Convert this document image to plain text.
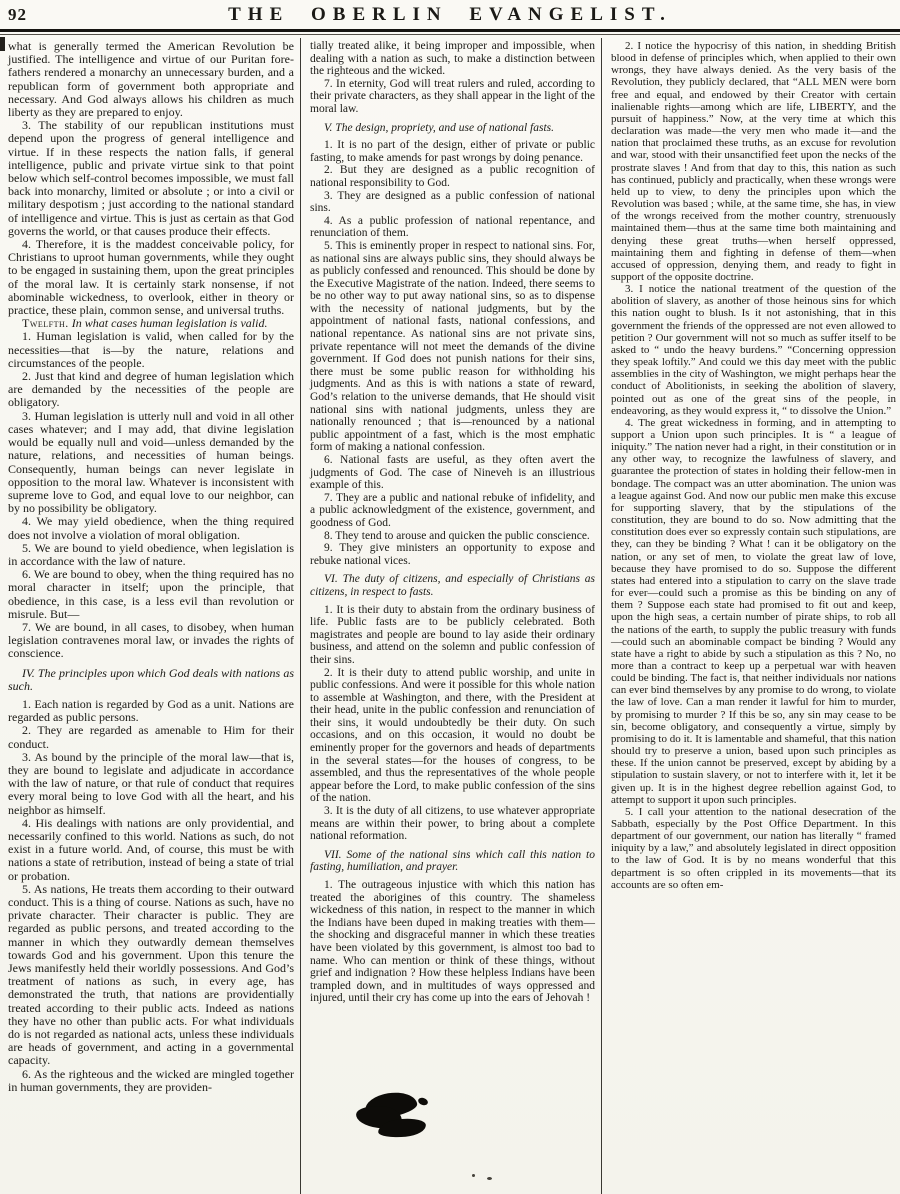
92	THE OBERLIN EVANGELIST.

what is generally termed the American Revolution be justified. The intelligence and virtue of our Puritan fore-fathers rendered a monarchy an unnecessary burden, and a republican form of government both appropriate and necessary. And God always allows his children as much liberty as they are prepared to enjoy.

3. The stability of our republican institutions must depend upon the progress of general intelligence and virtue. If in these respects the nation falls, if general intelligence, public and private virtue sink to that point below which self-control becomes impossible, we must fall back into monarchy, limited or absolute ; or into a civil or military despotism ; just according to the national standard of intelligence and virtue. This is just as certain as that God governs the world, or that causes produce their effects.

4. Therefore, it is the maddest conceivable policy, for Christians to uproot human governments, while they ought to be engaged in sustaining them, upon the great principles of the moral law. It is certainly stark nonsense, if not abominable wickedness, to overlook, either in theory or practice, these plain, common sense, and universal truths.

Twelfth. In what cases human legislation is valid.

1. Human legislation is valid, when called for by the necessities—that is—by the nature, relations and circumstances of the people.

2. Just that kind and degree of human legislation which are demanded by the necessities of the people are obligatory.

3. Human legislation is utterly null and void in all other cases whatever; and I may add, that divine legislation would be equally null and void—unless demanded by the nature, relations, and necessities of human beings. Consequently, human beings can never legislate in opposition to the moral law. Whatever is inconsistent with supreme love to God, and equal love to our neighbor, can by no possibility be obligatory.

4. We may yield obedience, when the thing required does not involve a violation of moral obligation.

5. We are bound to yield obedience, when legislation is in accordance with the law of nature.

6. We are bound to obey, when the thing required has no moral character in itself; upon the principle, that obedience, in this case, is a less evil than revolution or misrule. But—

7. We are bound, in all cases, to disobey, when human legislation contravenes moral law, or invades the rights of conscience.

IV. The principles upon which God deals with nations as such.

1. Each nation is regarded by God as a unit. Nations are regarded as public persons.

2. They are regarded as amenable to Him for their conduct.

3. As bound by the principle of the moral law—that is, they are bound to legislate and adjudicate in accordance with the law of nature, or that rule of conduct that requires every moral being to love God with all the heart, and his neighbor as himself.

4. His dealings with nations are only providential, and necessarily confined to this world. Nations as such, do not exist in a future world. And, of course, this must be with nations a state of retribution, instead of being a state of trial or probation.

5. As nations, He treats them according to their outward conduct. This is a thing of course. Nations as such, have no private character. Their character is public. They are regarded as public persons, and treated according to the manner in which they outwardly demean themselves towards God and his government. Upon this tenure the Jews manifestly held their worldly possessions. And God’s treatment of nations as such, in every age, has demonstrated the truth, that nations are providentially treated according to their public acts. Indeed as nations they have no other than public acts. For what individuals do is not regarded as national acts, unless these individuals are heads of government, and acting in a governmental capacity.

6. As the righteous and the wicked are mingled together in human governments, they are providen-

tially treated alike, it being improper and impossible, when dealing with a nation as such, to make a distinction between the righteous and the wicked.

7. In eternity, God will treat rulers and ruled, according to their private characters, as they shall appear in the light of the moral law.

V. The design, propriety, and use of national fasts.

1. It is no part of the design, either of private or public fasting, to make amends for past wrongs by doing penance.

2. But they are designed as a public recognition of national responsibility to God.

3. They are designed as a public confession of national sins.

4. As a public profession of national repentance, and renunciation of them.

5. This is eminently proper in respect to national sins. For, as national sins are always public sins, they should always be as publicly confessed and renounced. This should be done by the Executive Magistrate of the nation. Indeed, there seems to be no other way to put away national sins, so as to dispense with the necessity of national judgments, but by the appointment of national fasts, national confessions, and national repentance. As national sins are not private sins, private repentance will not meet the demands of the divine government. If God does not punish nations for their sins, there must be some public reason for withholding his judgments. And as this is with nations a state of reward, God’s relation to the universe demands, that He should visit national sins with national judgments, unless they are nationally renounced ; that is—renounced by a national public appointment of a fast, which is the most emphatic form of making a national confession.

6. National fasts are useful, as they often avert the judgments of God. The case of Nineveh is an illustrious example of this.

7. They are a public and national rebuke of infidelity, and a public acknowledgment of the existence, government, and goodness of God.

8. They tend to arouse and quicken the public conscience.

9. They give ministers an opportunity to expose and rebuke national vices.

VI. The duty of citizens, and especially of Christians as citizens, in respect to fasts.

1. It is their duty to abstain from the ordinary business of life. Public fasts are to be publicly celebrated. Both magistrates and people are bound to lay aside their ordinary business, and attend on the solemn and public confession of their sins.

2. It is their duty to attend public worship, and unite in public confessions. And were it possible for this whole nation to assemble at Washington, and there, with the President at their head, unite in the public confession and renunciation of their sins, it would undoubtedly be their duty. On such occasions, and on this occasion, it would no doubt be eminently proper for the governors and heads of departments in the several states—for the houses of congress, to be assembled, and thus the representatives of the whole people appear before the Lord, to make public confession of the sins of the nation.

3. It is the duty of all citizens, to use whatever appropriate means are within their power, to bring about a complete national reformation.

VII. Some of the national sins which call this nation to fasting, humiliation, and prayer.

1. The outrageous injustice with which this nation has treated the aborigines of this country. The shameless wickedness of this nation, in respect to the manner in which the Indians have been duped in making treaties with them—the shocking and disgraceful manner in which these treaties have been violated by this government, is almost too bad to name. Who can mention or think of these things, without grief and indignation ? How these helpless Indians have been trampled down, and in multitudes of ways oppressed and injured, until their cry has come up into the ears of Jehovah !

2. I notice the hypocrisy of this nation, in shedding British blood in defense of principles which, when applied to their own wrongs, they have always denied. As the very basis of the Revolution, they publicly declared, that “ALL MEN were born free and equal, and endowed by their Creator with certain inalienable rights—among which are life, LIBERTY, and the pursuit of happiness.” Now, at the very time at which this declaration was made—the very men who made it—and the nation that proclaimed these truths, as an excuse for revolution and war, stood with their unsanctified feet upon the necks of the prostrate slaves ! And from that day to this, this nation as such has continued, publicly and practically, when these wrongs were held up to view, to deny the principles upon which the Revolution was based ; while, at the same time, she has, in view of the wrongs received from the mother country, strenuously maintained them—thus at the same time both maintaining and denying these great truths—when herself oppressed, maintaining them and fighting in defense of them—when accused of oppression, denying them, and ready to fight in support of the opposite doctrine.

3. I notice the national treatment of the question of the abolition of slavery, as another of those heinous sins for which this nation ought to blush. Is it not astonishing, that in this government the friends of the oppressed are not even allowed to petition ? Our government will not so much as suffer itself to be asked to “ undo the heavy burdens.” “Concerning oppression they speak loftily.” And could we this day meet with the public assemblies in the city of Washington, we might perhaps hear the conduct of Abolitionists, in seeking the abolition of slavery, pointed out as one of the great sins of the people, in endeavoring, as they would express it, “ to dissolve the Union.”

4. The great wickedness in forming, and in attempting to support a Union upon such principles. It is “ a league of iniquity.” The nation never had a right, in their constitution or in any other way, to recognize the lawfulness of slavery, and guarantee the protection of states in holding their fellow-men in bondage. The compact was an utter abomination. The union was a league against God. And now our public men make this excuse for supporting slavery, that by the stipulations of the constitution, they are bound to do so. Now admitting that the constitution does ever so expressly contain such stipulations, are they, can they be binding ? What ! can it be obligatory on the nation, or any set of men, to violate the great law of love, because they have promised to do so. Suppose the different states had entered into a stipulation to carry on the slave trade for ever—could such a promise as this be binding on any of them ? Suppose each state had promised to fit out and keep, upon the high seas, a certain number of pirate ships, to rob all the nations of the earth, to supply the public treasury with funds—could such an abominable compact be binding ? Would any state have a right to abide by such a stipulation as this ? No, no more than a contract to keep up a perpetual war with heaven could be binding. The fact is, that neither individuals nor nations can ever bind themselves by any promise to do wrong, to violate the law of love. Can a man render it lawful for him to murder, by promising to murder ? If this be so, any sin may cease to be sin, become obligatory, and consequently a virtue, simply by promising to do it. It is lamentable and shameful, that this nation should try to preserve a union, based upon such principles as these. If the union cannot be preserved, except by abiding by a stipulation to sustain slavery, or not to interfere with it, let it be given up. It is in the highest degree rebellion against God, to attempt to support it upon such principles.

5. I call your attention to the national desecration of the Sabbath, especially by the Post Office Department. In this department of our government, our nation has literally “ framed iniquity by a law,” and absolutely legislated in direct opposition to the law of God. It is by no means wonderful that this department is so often crippled in its movements—that its accounts are so often em-
